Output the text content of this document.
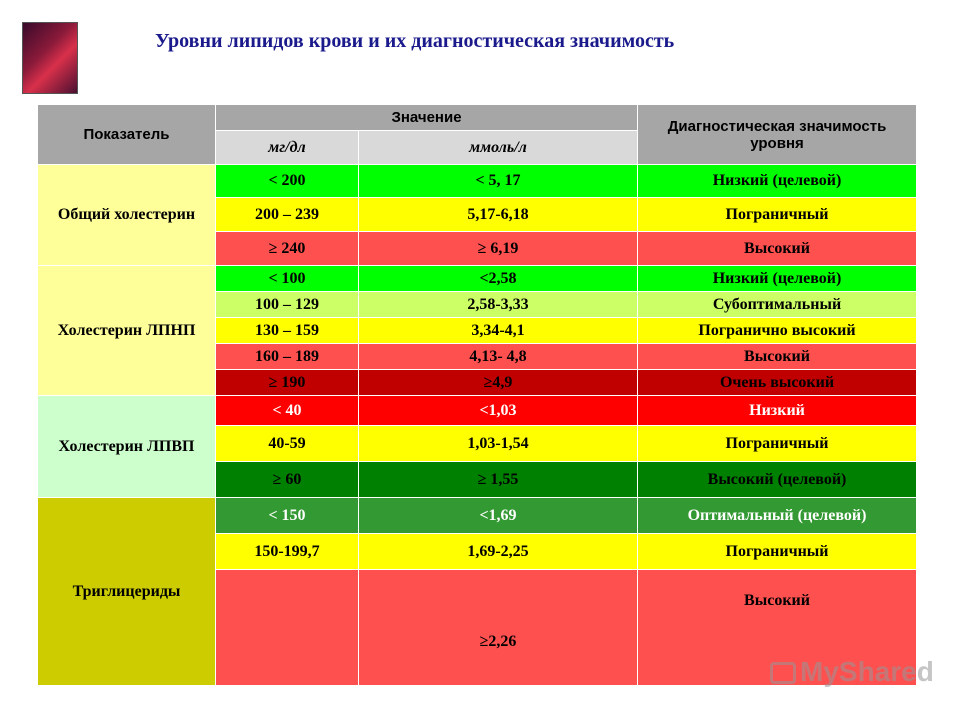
Уровни липидов крови и их диагностическая значимость
Показатель	Значение		Диагностическая значимость уровня
	мг/дл	ммоль/л	
Общий холестерин	< 200	< 5, 17	Низкий (целевой)
	200 – 239	5,17-6,18	Пограничный
	≥ 240	≥ 6,19	Высокий
Холестерин ЛПНП	< 100	<2,58	Низкий (целевой)
	100 – 129	2,58-3,33	Субоптимальный
	130 – 159	3,34-4,1	Погранично высокий
	160 – 189	4,13- 4,8	Высокий
	≥ 190	≥4,9	Очень высокий
Холестерин ЛПВП	< 40	<1,03	Низкий
	40-59	1,03-1,54	Пограничный
	≥ 60	≥ 1,55	Высокий (целевой)
Триглицериды	< 150	<1,69	Оптимальный (целевой)
	150-199,7	1,69-2,25	Пограничный
		≥2,26	Высокий
MyShared
